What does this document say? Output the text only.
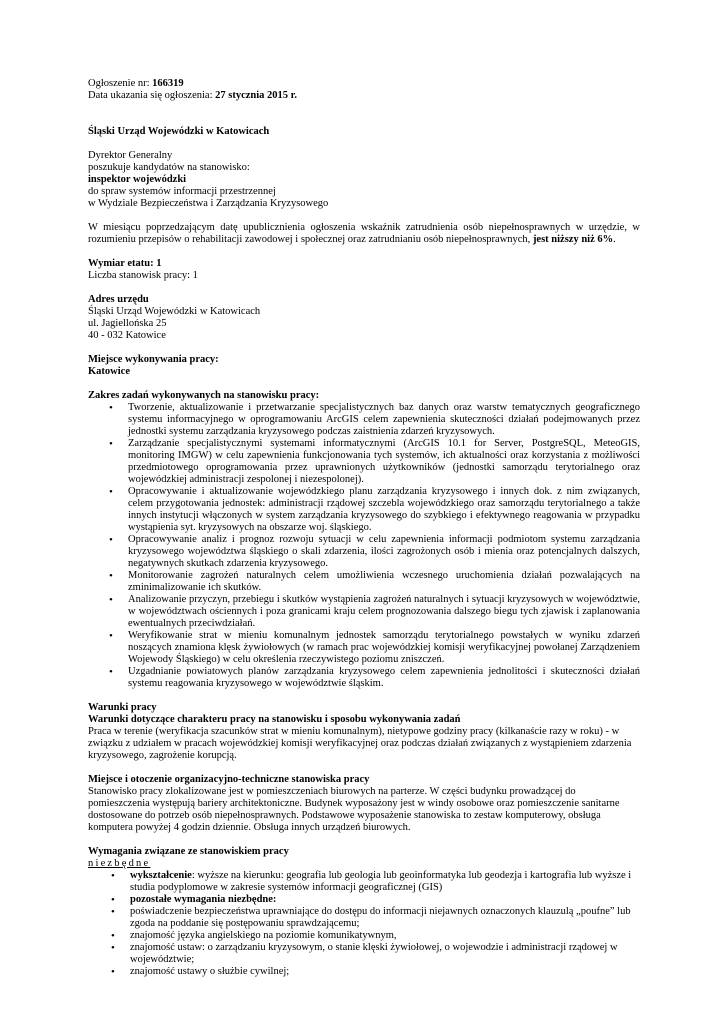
Ogłoszenie nr: 166319

Data ukazania się ogłoszenia: 27 stycznia 2015 r.

Śląski Urząd Wojewódzki w Katowicach

Dyrektor Generalny

poszukuje kandydatów na stanowisko:

inspektor wojewódzki

do spraw systemów informacji przestrzennej

w Wydziale Bezpieczeństwa i Zarządzania Kryzysowego

W miesiącu poprzedzającym datę upublicznienia ogłoszenia wskaźnik zatrudnienia osób niepełnosprawnych w urzędzie, w rozumieniu przepisów o rehabilitacji zawodowej i społecznej oraz zatrudnianiu osób niepełnosprawnych, jest niższy niż 6%.

Wymiar etatu: 1

Liczba stanowisk pracy: 1

Adres urzędu

Śląski Urząd Wojewódzki w Katowicach

ul. Jagiellońska 25

40 - 032 Katowice

Miejsce wykonywania pracy:

Katowice

Zakres zadań wykonywanych na stanowisku pracy:

• Tworzenie, aktualizowanie i przetwarzanie specjalistycznych baz danych oraz warstw tematycznych geograficznego systemu informacyjnego w oprogramowaniu ArcGIS celem zapewnienia skuteczności działań podejmowanych przez jednostki systemu zarządzania kryzysowego podczas zaistnienia zdarzeń kryzysowych.
• Zarządzanie specjalistycznymi systemami informatycznymi (ArcGIS 10.1 for Server, PostgreSQL, MeteoGIS, monitoring IMGW) w celu zapewnienia funkcjonowania tych systemów, ich aktualności oraz korzystania z możliwości przedmiotowego oprogramowania przez uprawnionych użytkowników (jednostki samorządu terytorialnego oraz wojewódzkiej administracji zespolonej i niezespolonej).
• Opracowywanie i aktualizowanie wojewódzkiego planu zarządzania kryzysowego i innych dok. z nim związanych, celem przygotowania jednostek: administracji rządowej szczebla wojewódzkiego oraz samorządu terytorialnego a także innych instytucji włączonych w system zarządzania kryzysowego do szybkiego i efektywnego reagowania w przypadku wystąpienia syt. kryzysowych na obszarze woj. śląskiego.
• Opracowywanie analiz i prognoz rozwoju sytuacji w celu zapewnienia informacji podmiotom systemu zarządzania kryzysowego województwa śląskiego o skali zdarzenia, ilości zagrożonych osób i mienia oraz potencjalnych dalszych, negatywnych skutkach zdarzenia kryzysowego.
• Monitorowanie zagrożeń naturalnych celem umożliwienia wczesnego uruchomienia działań pozwalających na zminimalizowanie ich skutków.
• Analizowanie przyczyn, przebiegu i skutków wystąpienia zagrożeń naturalnych i sytuacji kryzysowych w województwie, w województwach ościennych i poza granicami kraju celem prognozowania dalszego biegu tych zjawisk i zaplanowania ewentualnych przeciwdziałań.
• Weryfikowanie strat w mieniu komunalnym jednostek samorządu terytorialnego powstałych w wyniku zdarzeń noszących znamiona klęsk żywiołowych (w ramach prac wojewódzkiej komisji weryfikacyjnej powołanej Zarządzeniem Wojewody Śląskiego) w celu określenia rzeczywistego poziomu zniszczeń.
• Uzgadnianie powiatowych planów zarządzania kryzysowego celem zapewnienia jednolitości i skuteczności działań systemu reagowania kryzysowego w województwie śląskim.

Warunki pracy

Warunki dotyczące charakteru pracy na stanowisku i sposobu wykonywania zadań

Praca w terenie (weryfikacja szacunków strat w mieniu komunalnym), nietypowe godziny pracy (kilkanaście razy w roku) - w związku z udziałem w pracach wojewódzkiej komisji weryfikacyjnej oraz podczas działań związanych z wystąpieniem zdarzenia kryzysowego, zagrożenie korupcją.

Miejsce i otoczenie organizacyjno-techniczne stanowiska pracy

Stanowisko pracy zlokalizowane jest w pomieszczeniach biurowych na parterze. W części budynku prowadzącej do pomieszczenia występują bariery architektoniczne. Budynek wyposażony jest w windy osobowe oraz pomieszczenie sanitarne dostosowane do potrzeb osób niepełnosprawnych. Podstawowe wyposażenie stanowiska to zestaw komputerowy, obsługa komputera powyżej 4 godzin dziennie. Obsługa innych urządzeń biurowych.

Wymagania związane ze stanowiskiem pracy

niezbędne

• wykształcenie: wyższe na kierunku: geografia lub geologia lub geoinformatyka lub geodezja i kartografia lub wyższe i studia podyplomowe w zakresie systemów informacji geograficznej (GIS)
• pozostałe wymagania niezbędne:
• poświadczenie bezpieczeństwa uprawniające do dostępu do informacji niejawnych oznaczonych klauzulą „poufne” lub zgoda na poddanie się postępowaniu sprawdzającemu;
• znajomość języka angielskiego na poziomie komunikatywnym,
• znajomość ustaw: o zarządzaniu kryzysowym, o stanie klęski żywiołowej, o wojewodzie i administracji rządowej w województwie;
• znajomość ustawy o służbie cywilnej;
